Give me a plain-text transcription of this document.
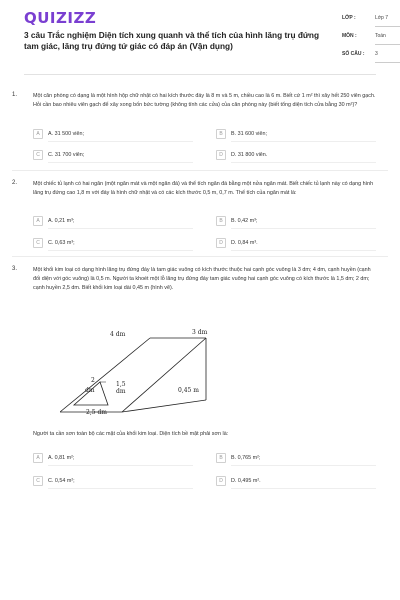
QUIZIZZ
3 câu Trắc nghiệm Diện tích xung quanh và thể tích của hình lăng trụ đứng tam giác, lăng trụ đứng tứ giác có đáp án (Vận dụng)
LỚP :	Lớp 7
MÔN :	Toán
SỐ CÂU :	3
1.	Một căn phòng có dạng là một hình hộp chữ nhật có hai kích thước đáy là 8 m và 5 m, chiều cao là 6 m. Biết cứ 1 m² thì xây hết 250 viên gạch. Hỏi cần bao nhiêu viên gạch để xây xong bốn bức tường (không tính các cửa) của căn phòng này (biết tổng diện tích cửa bằng 30 m²)?
A	A. 31 500 viên;	B	B. 31 600 viên;
C	C. 31 700 viên;	D	D. 31 800 viên.
2.	Một chiếc tủ lạnh có hai ngăn (một ngăn mát và một ngăn đá) và thể tích ngăn đá bằng một nửa ngăn mát. Biết chiếc tủ lạnh này có dạng hình lăng trụ đứng cao 1,8 m với đáy là hình chữ nhật và có các kích thước 0,5 m, 0,7 m. Thể tích của ngăn mát là:
A	A. 0,21 m³;	B	B. 0,42 m³;
C	C. 0,63 m³;	D	D. 0,84 m³.
3.	Một khối kim loại có dạng hình lăng trụ đứng đáy là tam giác vuông có kích thước thuộc hai cạnh góc vuông là 3 dm; 4 dm, cạnh huyền (cạnh đối diện với góc vuông) là 0,5 m. Người ta khoét một lỗ lăng trụ đứng đáy tam giác vuông hai cạnh góc vuông có kích thước là 1,5 dm; 2 dm; cạnh huyền 2,5 dm. Biết khối kim loại dài 0,45 m (hình vẽ).
4 dm	3 dm
0,45 m
2
dm
1,5
dm
2,5 dm
Người ta cần sơn toàn bộ các mặt của khối kim loại. Diện tích bề mặt phải sơn là:
A	A. 0,81 m²;	B	B. 0,765 m²;
C	C. 0,54 m²;	D	D. 0,495 m².
